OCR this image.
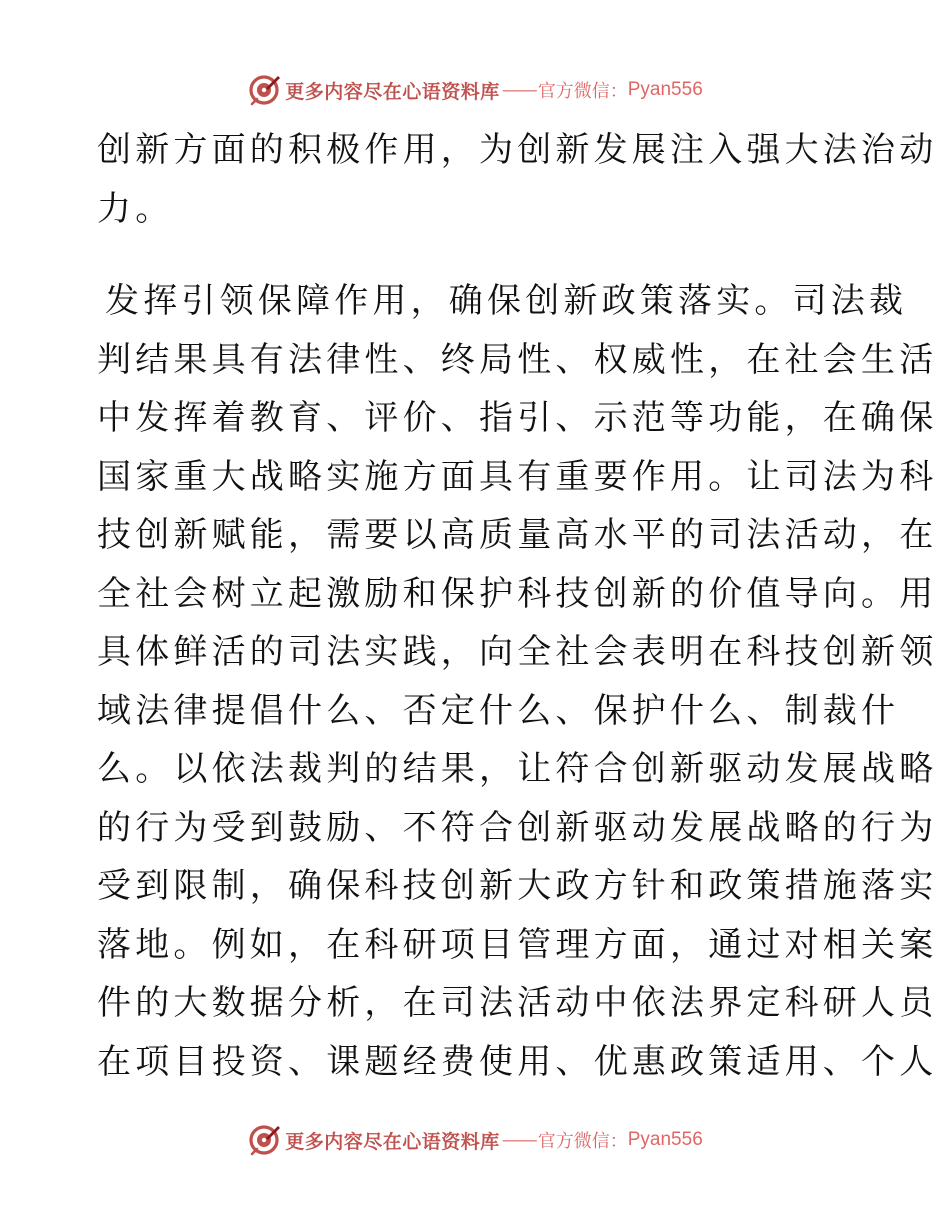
更多内容尽在心语资料库 —— 官方微信： Pyan556
创新方面的积极作用，为创新发展注入强大法治动
力。
发挥引领保障作用，确保创新政策落实。司法裁
判结果具有法律性、终局性、权威性，在社会生活
中发挥着教育、评价、指引、示范等功能，在确保
国家重大战略实施方面具有重要作用。让司法为科
技创新赋能，需要以高质量高水平的司法活动，在
全社会树立起激励和保护科技创新的价值导向。用
具体鲜活的司法实践，向全社会表明在科技创新领
域法律提倡什么、否定什么、保护什么、制裁什
么。以依法裁判的结果，让符合创新驱动发展战略
的行为受到鼓励、不符合创新驱动发展战略的行为
受到限制，确保科技创新大政方针和政策措施落实
落地。例如，在科研项目管理方面，通过对相关案
件的大数据分析，在司法活动中依法界定科研人员
在项目投资、课题经费使用、优惠政策适用、个人
更多内容尽在心语资料库 —— 官方微信： Pyan556
